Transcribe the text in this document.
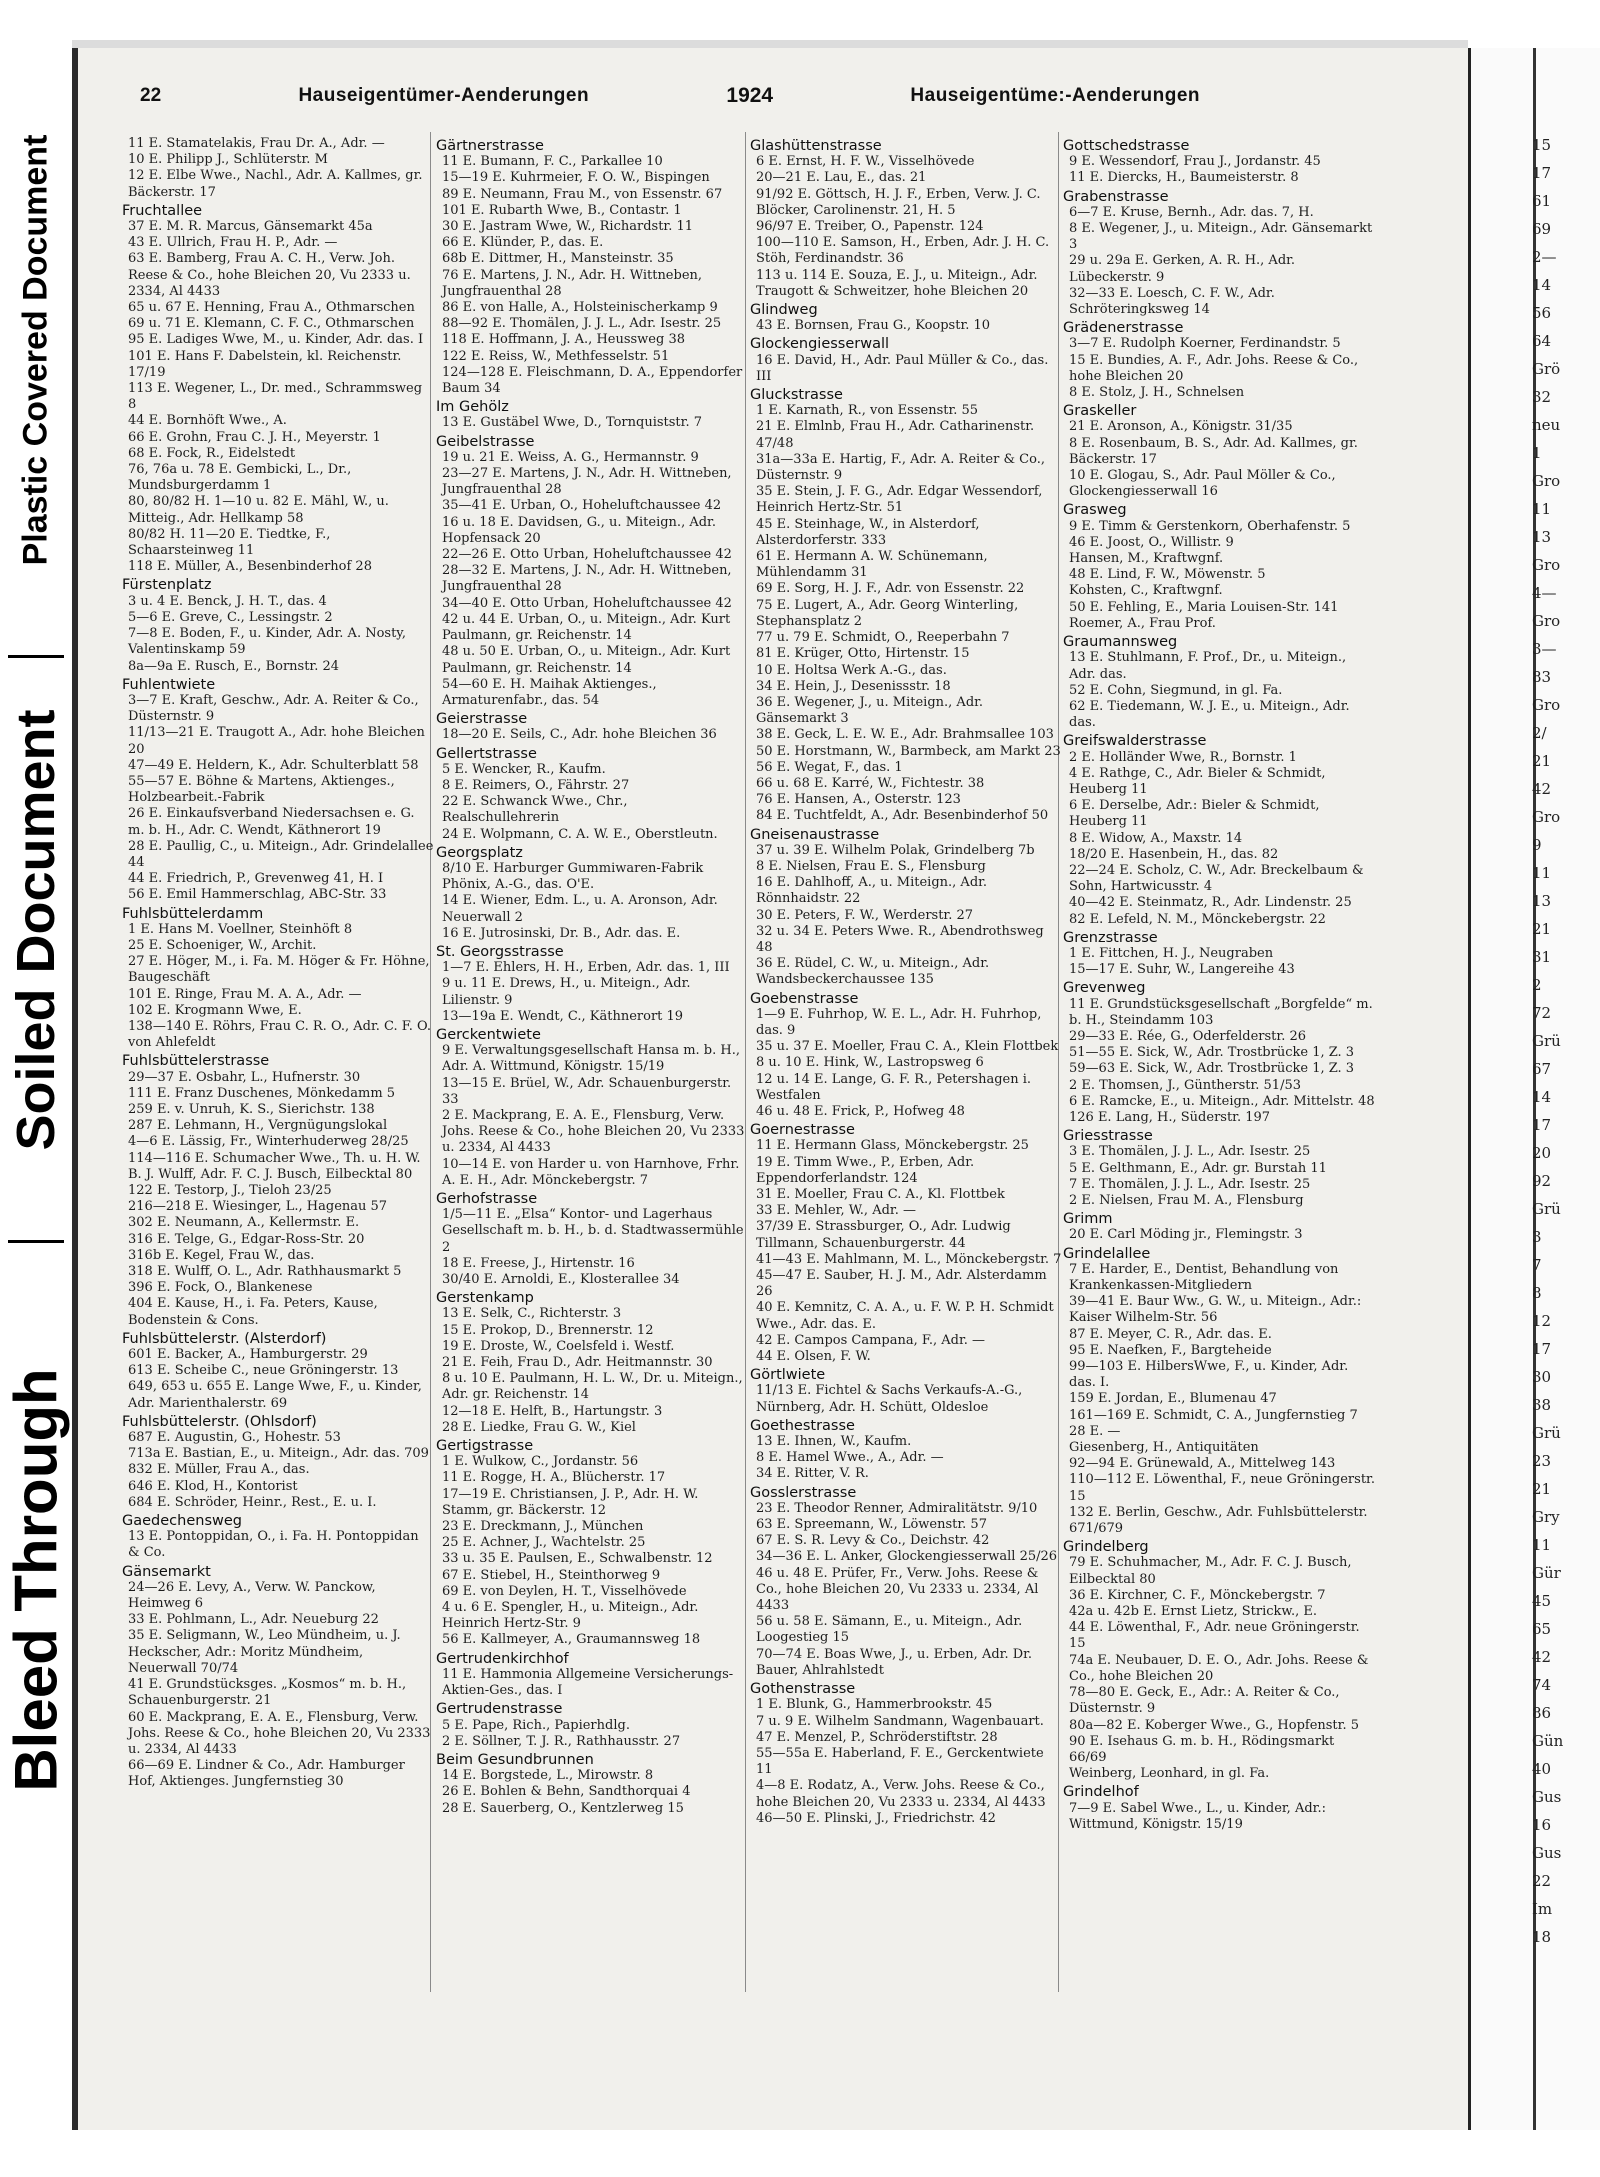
Plastic Covered Document
Soiled Document
Bleed Through
15
17
61
69
2—
14
56
64
Grö
32
neu
1
Gro
11
13
Gro
4—
Gro
3—
83
Gro
2/
21
42
Gro
9
11
13
21
31
2
72
Grü
67
14
17
20
92
Grü
3
7
8
12
17
30
38
Grü
23
21
Gry
11
Gür
45
65
42
74
86
Gün
40
Gus
16
Gus
22
Im
18
22	Hauseigentümer-Aenderungen	1924	Hauseigentüme:-Aenderungen
11 E. Stamatelakis, Frau Dr. A., Adr. —
10 E. Philipp J., Schlüterstr. M
12 E. Elbe Wwe., Nachl., Adr. A. Kallmes, gr. Bäckerstr. 17
Fruchtallee
37 E. M. R. Marcus, Gänsemarkt 45a
43 E. Ullrich, Frau H. P., Adr. —
63 E. Bamberg, Frau A. C. H., Verw. Joh. Reese & Co., hohe Bleichen 20, Vu 2333 u. 2334, Al 4433
65 u. 67 E. Henning, Frau A., Othmarschen
69 u. 71 E. Klemann, C. F. C., Othmarschen
95 E. Ladiges Wwe, M., u. Kinder, Adr. das. I
101 E. Hans F. Dabelstein, kl. Reichenstr. 17/19
113 E. Wegener, L., Dr. med., Schrammsweg 8
44 E. Bornhöft Wwe., A.
66 E. Grohn, Frau C. J. H., Meyerstr. 1
68 E. Fock, R., Eidelstedt
76, 76a u. 78 E. Gembicki, L., Dr., Mundsburgerdamm 1
80, 80/82 H. 1—10 u. 82 E. Mähl, W., u. Mitteig., Adr. Hellkamp 58
80/82 H. 11—20 E. Tiedtke, F., Schaarsteinweg 11
118 E. Müller, A., Besenbinderhof 28
Fürstenplatz
3 u. 4 E. Benck, J. H. T., das. 4
5—6 E. Greve, C., Lessingstr. 2
7—8 E. Boden, F., u. Kinder, Adr. A. Nosty, Valentinskamp 59
8a—9a E. Rusch, E., Bornstr. 24
Fuhlentwiete
3—7 E. Kraft, Geschw., Adr. A. Reiter & Co., Düsternstr. 9
11/13—21 E. Traugott A., Adr. hohe Bleichen 20
47—49 E. Heldern, K., Adr. Schulterblatt 58
55—57 E. Böhne & Martens, Aktienges., Holzbearbeit.-Fabrik
26 E. Einkaufsverband Niedersachsen e. G. m. b. H., Adr. C. Wendt, Käthnerort 19
28 E. Paullig, C., u. Miteign., Adr. Grindelallee 44
44 E. Friedrich, P., Grevenweg 41, H. I
56 E. Emil Hammerschlag, ABC-Str. 33
Fuhlsbüttelerdamm
1 E. Hans M. Voellner, Steinhöft 8
25 E. Schoeniger, W., Archit.
27 E. Höger, M., i. Fa. M. Höger & Fr. Höhne, Baugeschäft
101 E. Ringe, Frau M. A. A., Adr. —
102 E. Krogmann Wwe, E.
138—140 E. Röhrs, Frau C. R. O., Adr. C. F. O. von Ahlefeldt
Fuhlsbüttelerstrasse
29—37 E. Osbahr, L., Hufnerstr. 30
111 E. Franz Duschenes, Mönkedamm 5
259 E. v. Unruh, K. S., Sierichstr. 138
287 E. Lehmann, H., Vergnügungslokal
4—6 E. Lässig, Fr., Winterhuderweg 28/25
114—116 E. Schumacher Wwe., Th. u. H. W. B. J. Wulff, Adr. F. C. J. Busch, Eilbecktal 80
122 E. Testorp, J., Tieloh 23/25
216—218 E. Wiesinger, L., Hagenau 57
302 E. Neumann, A., Kellermstr. E.
316 E. Telge, G., Edgar-Ross-Str. 20
316b E. Kegel, Frau W., das.
318 E. Wulff, O. L., Adr. Rathhausmarkt 5
396 E. Fock, O., Blankenese
404 E. Kause, H., i. Fa. Peters, Kause, Bodenstein & Cons.
Fuhlsbüttelerstr. (Alsterdorf)
601 E. Backer, A., Hamburgerstr. 29
613 E. Scheibe C., neue Gröningerstr. 13
649, 653 u. 655 E. Lange Wwe, F., u. Kinder, Adr. Marienthalerstr. 69
Fuhlsbüttelerstr. (Ohlsdorf)
687 E. Augustin, G., Hohestr. 53
713a E. Bastian, E., u. Miteign., Adr. das. 709
832 E. Müller, Frau A., das.
646 E. Klod, H., Kontorist
684 E. Schröder, Heinr., Rest., E. u. I.
Gaedechensweg
13 E. Pontoppidan, O., i. Fa. H. Pontoppidan & Co.
Gänsemarkt
24—26 E. Levy, A., Verw. W. Panckow, Heimweg 6
33 E. Pohlmann, L., Adr. Neueburg 22
35 E. Seligmann, W., Leo Mündheim, u. J. Heckscher, Adr.: Moritz Mündheim, Neuerwall 70/74
41 E. Grundstücksges. „Kosmos“ m. b. H., Schauenburgerstr. 21
60 E. Mackprang, E. A. E., Flensburg, Verw. Johs. Reese & Co., hohe Bleichen 20, Vu 2333 u. 2334, Al 4433
66—69 E. Lindner & Co., Adr. Hamburger Hof, Aktienges. Jungfernstieg 30
Gärtnerstrasse
11 E. Bumann, F. C., Parkallee 10
15—19 E. Kuhrmeier, F. O. W., Bispingen
89 E. Neumann, Frau M., von Essenstr. 67
101 E. Rubarth Wwe, B., Contastr. 1
30 E. Jastram Wwe, W., Richardstr. 11
66 E. Klünder, P., das. E.
68b E. Dittmer, H., Mansteinstr. 35
76 E. Martens, J. N., Adr. H. Wittneben, Jungfrauenthal 28
86 E. von Halle, A., Holsteinischerkamp 9
88—92 E. Thomälen, J. J. L., Adr. Isestr. 25
118 E. Hoffmann, J. A., Heussweg 38
122 E. Reiss, W., Methfesselstr. 51
124—128 E. Fleischmann, D. A., Eppendorfer Baum 34
Im Gehölz
13 E. Gustäbel Wwe, D., Tornquiststr. 7
Geibelstrasse
19 u. 21 E. Weiss, A. G., Hermannstr. 9
23—27 E. Martens, J. N., Adr. H. Wittneben, Jungfrauenthal 28
35—41 E. Urban, O., Hoheluftchaussee 42
16 u. 18 E. Davidsen, G., u. Miteign., Adr. Hopfensack 20
22—26 E. Otto Urban, Hoheluftchaussee 42
28—32 E. Martens, J. N., Adr. H. Wittneben, Jungfrauenthal 28
34—40 E. Otto Urban, Hoheluftchaussee 42
42 u. 44 E. Urban, O., u. Miteign., Adr. Kurt Paulmann, gr. Reichenstr. 14
48 u. 50 E. Urban, O., u. Miteign., Adr. Kurt Paulmann, gr. Reichenstr. 14
54—60 E. H. Maihak Aktienges., Armaturenfabr., das. 54
Geierstrasse
18—20 E. Seils, C., Adr. hohe Bleichen 36
Gellertstrasse
5 E. Wencker, R., Kaufm.
8 E. Reimers, O., Fährstr. 27
22 E. Schwanck Wwe., Chr., Realschullehrerin
24 E. Wolpmann, C. A. W. E., Oberstleutn.
Georgsplatz
8/10 E. Harburger Gummiwaren-Fabrik Phönix, A.-G., das. O'E.
14 E. Wiener, Edm. L., u. A. Aronson, Adr. Neuerwall 2
16 E. Jutrosinski, Dr. B., Adr. das. E.
St. Georgsstrasse
1—7 E. Ehlers, H. H., Erben, Adr. das. 1, III
9 u. 11 E. Drews, H., u. Miteign., Adr. Lilienstr. 9
13—19a E. Wendt, C., Käthnerort 19
Gerckentwiete
9 E. Verwaltungsgesellschaft Hansa m. b. H., Adr. A. Wittmund, Königstr. 15/19
13—15 E. Brüel, W., Adr. Schauenburgerstr. 33
2 E. Mackprang, E. A. E., Flensburg, Verw. Johs. Reese & Co., hohe Bleichen 20, Vu 2333 u. 2334, Al 4433
10—14 E. von Harder u. von Harnhove, Frhr. A. E. H., Adr. Mönckebergstr. 7
Gerhofstrasse
1/5—11 E. „Elsa“ Kontor- und Lagerhaus Gesellschaft m. b. H., b. d. Stadtwassermühle 2
18 E. Freese, J., Hirtenstr. 16
30/40 E. Arnoldi, E., Klosterallee 34
Gerstenkamp
13 E. Selk, C., Richterstr. 3
15 E. Prokop, D., Brennerstr. 12
19 E. Droste, W., Coelsfeld i. Westf.
21 E. Feih, Frau D., Adr. Heitmannstr. 30
8 u. 10 E. Paulmann, H. L. W., Dr. u. Miteign., Adr. gr. Reichenstr. 14
12—18 E. Helft, B., Hartungstr. 3
28 E. Liedke, Frau G. W., Kiel
Gertigstrasse
1 E. Wulkow, C., Jordanstr. 56
11 E. Rogge, H. A., Blücherstr. 17
17—19 E. Christiansen, J. P., Adr. H. W. Stamm, gr. Bäckerstr. 12
23 E. Dreckmann, J., München
25 E. Achner, J., Wachtelstr. 25
33 u. 35 E. Paulsen, E., Schwalbenstr. 12
67 E. Stiebel, H., Steinthorweg 9
69 E. von Deylen, H. T., Visselhövede
4 u. 6 E. Spengler, H., u. Miteign., Adr. Heinrich Hertz-Str. 9
56 E. Kallmeyer, A., Graumannsweg 18
Gertrudenkirchhof
11 E. Hammonia Allgemeine Versicherungs-Aktien-Ges., das. I
Gertrudenstrasse
5 E. Pape, Rich., Papierhdlg.
2 E. Söllner, T. J. R., Rathhausstr. 27
Beim Gesundbrunnen
14 E. Borgstede, L., Mirowstr. 8
26 E. Bohlen & Behn, Sandthorquai 4
28 E. Sauerberg, O., Kentzlerweg 15
Glashüttenstrasse
6 E. Ernst, H. F. W., Visselhövede
20—21 E. Lau, E., das. 21
91/92 E. Göttsch, H. J. F., Erben, Verw. J. C. Blöcker, Carolinenstr. 21, H. 5
96/97 E. Treiber, O., Papenstr. 124
100—110 E. Samson, H., Erben, Adr. J. H. C. Stöh, Ferdinandstr. 36
113 u. 114 E. Souza, E. J., u. Miteign., Adr. Traugott & Schweitzer, hohe Bleichen 20
Glindweg
43 E. Bornsen, Frau G., Koopstr. 10
Glockengiesserwall
16 E. David, H., Adr. Paul Müller & Co., das. III
Gluckstrasse
1 E. Karnath, R., von Essenstr. 55
21 E. Elmlnb, Frau H., Adr. Catharinenstr. 47/48
31a—33a E. Hartig, F., Adr. A. Reiter & Co., Düsternstr. 9
35 E. Stein, J. F. G., Adr. Edgar Wessendorf, Heinrich Hertz-Str. 51
45 E. Steinhage, W., in Alsterdorf, Alsterdorferstr. 333
61 E. Hermann A. W. Schünemann, Mühlendamm 31
69 E. Sorg, H. J. F., Adr. von Essenstr. 22
75 E. Lugert, A., Adr. Georg Winterling, Stephansplatz 2
77 u. 79 E. Schmidt, O., Reeperbahn 7
81 E. Krüger, Otto, Hirtenstr. 15
10 E. Holtsa Werk A.-G., das.
34 E. Hein, J., Desenissstr. 18
36 E. Wegener, J., u. Miteign., Adr. Gänsemarkt 3
38 E. Geck, L. E. W. E., Adr. Brahmsallee 103
50 E. Horstmann, W., Barmbeck, am Markt 23
56 E. Wegat, F., das. 1
66 u. 68 E. Karré, W., Fichtestr. 38
76 E. Hansen, A., Osterstr. 123
84 E. Tuchtfeldt, A., Adr. Besenbinderhof 50
Gneisenaustrasse
37 u. 39 E. Wilhelm Polak, Grindelberg 7b
8 E. Nielsen, Frau E. S., Flensburg
16 E. Dahlhoff, A., u. Miteign., Adr. Rönnhaidstr. 22
30 E. Peters, F. W., Werderstr. 27
32 u. 34 E. Peters Wwe. R., Abendrothsweg 48
36 E. Rüdel, C. W., u. Miteign., Adr. Wandsbeckerchaussee 135
Goebenstrasse
1—9 E. Fuhrhop, W. E. L., Adr. H. Fuhrhop, das. 9
35 u. 37 E. Moeller, Frau C. A., Klein Flottbek
8 u. 10 E. Hink, W., Lastropsweg 6
12 u. 14 E. Lange, G. F. R., Petershagen i. Westfalen
46 u. 48 E. Frick, P., Hofweg 48
Goernestrasse
11 E. Hermann Glass, Mönckebergstr. 25
19 E. Timm Wwe., P., Erben, Adr. Eppendorferlandstr. 124
31 E. Moeller, Frau C. A., Kl. Flottbek
33 E. Mehler, W., Adr. —
37/39 E. Strassburger, O., Adr. Ludwig Tillmann, Schauenburgerstr. 44
41—43 E. Mahlmann, M. L., Mönckebergstr. 7
45—47 E. Sauber, H. J. M., Adr. Alsterdamm 26
40 E. Kemnitz, C. A. A., u. F. W. P. H. Schmidt Wwe., Adr. das. E.
42 E. Campos Campana, F., Adr. —
44 E. Olsen, F. W.
Görtlwiete
11/13 E. Fichtel & Sachs Verkaufs-A.-G., Nürnberg, Adr. H. Schütt, Oldesloe
Goethestrasse
13 E. Ihnen, W., Kaufm.
8 E. Hamel Wwe., A., Adr. —
34 E. Ritter, V. R.
Gosslerstrasse
23 E. Theodor Renner, Admiralitätstr. 9/10
63 E. Spreemann, W., Löwenstr. 57
67 E. S. R. Levy & Co., Deichstr. 42
34—36 E. L. Anker, Glockengiesserwall 25/26
46 u. 48 E. Prüfer, Fr., Verw. Johs. Reese & Co., hohe Bleichen 20, Vu 2333 u. 2334, Al 4433
56 u. 58 E. Sämann, E., u. Miteign., Adr. Loogestieg 15
70—74 E. Boas Wwe, J., u. Erben, Adr. Dr. Bauer, Ahlrahlstedt
Gothenstrasse
1 E. Blunk, G., Hammerbrookstr. 45
7 u. 9 E. Wilhelm Sandmann, Wagenbauart.
47 E. Menzel, P., Schröderstiftstr. 28
55—55a E. Haberland, F. E., Gerckentwiete 11
4—8 E. Rodatz, A., Verw. Johs. Reese & Co., hohe Bleichen 20, Vu 2333 u. 2334, Al 4433
46—50 E. Plinski, J., Friedrichstr. 42
Gottschedstrasse
9 E. Wessendorf, Frau J., Jordanstr. 45
11 E. Diercks, H., Baumeisterstr. 8
Grabenstrasse
6—7 E. Kruse, Bernh., Adr. das. 7, H.
8 E. Wegener, J., u. Miteign., Adr. Gänsemarkt 3
29 u. 29a E. Gerken, A. R. H., Adr. Lübeckerstr. 9
32—33 E. Loesch, C. F. W., Adr. Schröteringksweg 14
Grädenerstrasse
3—7 E. Rudolph Koerner, Ferdinandstr. 5
15 E. Bundies, A. F., Adr. Johs. Reese & Co., hohe Bleichen 20
8 E. Stolz, J. H., Schnelsen
Graskeller
21 E. Aronson, A., Königstr. 31/35
8 E. Rosenbaum, B. S., Adr. Ad. Kallmes, gr. Bäckerstr. 17
10 E. Glogau, S., Adr. Paul Möller & Co., Glockengiesserwall 16
Grasweg
9 E. Timm & Gerstenkorn, Oberhafenstr. 5
46 E. Joost, O., Willistr. 9
Hansen, M., Kraftwgnf.
48 E. Lind, F. W., Möwenstr. 5
Kohsten, C., Kraftwgnf.
50 E. Fehling, E., Maria Louisen-Str. 141
Roemer, A., Frau Prof.
Graumannsweg
13 E. Stuhlmann, F. Prof., Dr., u. Miteign., Adr. das.
52 E. Cohn, Siegmund, in gl. Fa.
62 E. Tiedemann, W. J. E., u. Miteign., Adr. das.
Greifswalderstrasse
2 E. Holländer Wwe, R., Bornstr. 1
4 E. Rathge, C., Adr. Bieler & Schmidt, Heuberg 11
6 E. Derselbe, Adr.: Bieler & Schmidt, Heuberg 11
8 E. Widow, A., Maxstr. 14
18/20 E. Hasenbein, H., das. 82
22—24 E. Scholz, C. W., Adr. Breckelbaum & Sohn, Hartwicusstr. 4
40—42 E. Steinmatz, R., Adr. Lindenstr. 25
82 E. Lefeld, N. M., Mönckebergstr. 22
Grenzstrasse
1 E. Fittchen, H. J., Neugraben
15—17 E. Suhr, W., Langereihe 43
Grevenweg
11 E. Grundstücksgesellschaft „Borgfelde“ m. b. H., Steindamm 103
29—33 E. Rée, G., Oderfelderstr. 26
51—55 E. Sick, W., Adr. Trostbrücke 1, Z. 3
59—63 E. Sick, W., Adr. Trostbrücke 1, Z. 3
2 E. Thomsen, J., Güntherstr. 51/53
6 E. Ramcke, E., u. Miteign., Adr. Mittelstr. 48
126 E. Lang, H., Süderstr. 197
Griesstrasse
3 E. Thomälen, J. J. L., Adr. Isestr. 25
5 E. Gelthmann, E., Adr. gr. Burstah 11
7 E. Thomälen, J. J. L., Adr. Isestr. 25
2 E. Nielsen, Frau M. A., Flensburg
Grimm
20 E. Carl Möding jr., Flemingstr. 3
Grindelallee
7 E. Harder, E., Dentist, Behandlung von Krankenkassen-Mitgliedern
39—41 E. Baur Ww., G. W., u. Miteign., Adr.: Kaiser Wilhelm-Str. 56
87 E. Meyer, C. R., Adr. das. E.
95 E. Naefken, F., Bargteheide
99—103 E. HilbersWwe, F., u. Kinder, Adr. das. I.
159 E. Jordan, E., Blumenau 47
161—169 E. Schmidt, C. A., Jungfernstieg 7
28 E. —
Giesenberg, H., Antiquitäten
92—94 E. Grünewald, A., Mittelweg 143
110—112 E. Löwenthal, F., neue Gröningerstr. 15
132 E. Berlin, Geschw., Adr. Fuhlsbüttelerstr. 671/679
Grindelberg
79 E. Schuhmacher, M., Adr. F. C. J. Busch, Eilbecktal 80
36 E. Kirchner, C. F., Mönckebergstr. 7
42a u. 42b E. Ernst Lietz, Strickw., E.
44 E. Löwenthal, F., Adr. neue Gröningerstr. 15
74a E. Neubauer, D. E. O., Adr. Johs. Reese & Co., hohe Bleichen 20
78—80 E. Geck, E., Adr.: A. Reiter & Co., Düsternstr. 9
80a—82 E. Koberger Wwe., G., Hopfenstr. 5
90 E. Isehaus G. m. b. H., Rödingsmarkt 66/69
Weinberg, Leonhard, in gl. Fa.
Grindelhof
7—9 E. Sabel Wwe., L., u. Kinder, Adr.: Wittmund, Königstr. 15/19
